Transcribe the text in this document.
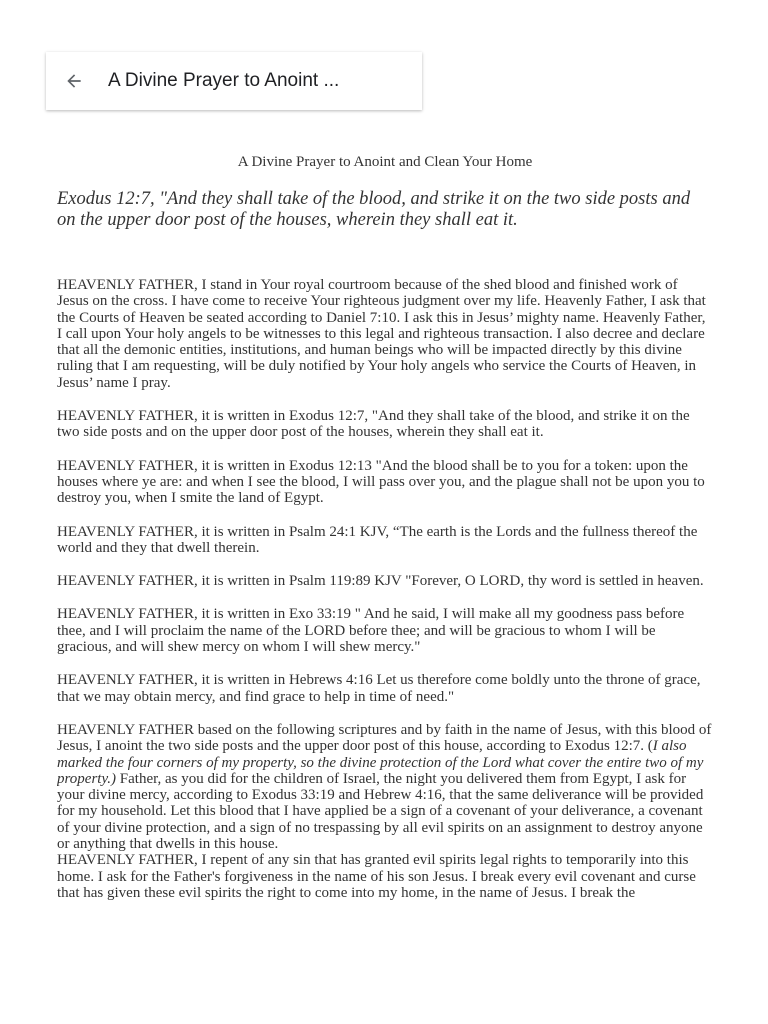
A Divine Prayer to Anoint ...
A Divine Prayer to Anoint and Clean Your Home
Exodus 12:7, "And they shall take of the blood, and strike it on the two side posts and on the upper door post of the houses, wherein they shall eat it.

HEAVENLY FATHER, I stand in Your royal courtroom because of the shed blood and finished work of Jesus on the cross. I have come to receive Your righteous judgment over my life. Heavenly Father, I ask that the Courts of Heaven be seated according to Daniel 7:10. I ask this in Jesus’ mighty name. Heavenly Father, I call upon Your holy angels to be witnesses to this legal and righteous transaction. I also decree and declare that all the demonic entities, institutions, and human beings who will be impacted directly by this divine ruling that I am requesting, will be duly notified by Your holy angels who service the Courts of Heaven, in Jesus’ name I pray.

HEAVENLY FATHER, it is written in Exodus 12:7, "And they shall take of the blood, and strike it on the two side posts and on the upper door post of the houses, wherein they shall eat it.

HEAVENLY FATHER, it is written in Exodus 12:13 "And the blood shall be to you for a token: upon the houses where ye are: and when I see the blood, I will pass over you, and the plague shall not be upon you to destroy you, when I smite the land of Egypt.

HEAVENLY FATHER, it is written in Psalm 24:1 KJV, “The earth is the Lords and the fullness thereof the world and they that dwell therein.

HEAVENLY FATHER, it is written in Psalm 119:89 KJV "Forever, O LORD, thy word is settled in heaven.

HEAVENLY FATHER, it is written in Exo 33:19 " And he said, I will make all my goodness pass before thee, and I will proclaim the name of the LORD before thee; and will be gracious to whom I will be gracious, and will shew mercy on whom I will shew mercy."

HEAVENLY FATHER, it is written in Hebrews 4:16 Let us therefore come boldly unto the throne of grace, that we may obtain mercy, and find grace to help in time of need."

HEAVENLY FATHER based on the following scriptures and by faith in the name of Jesus, with this blood of Jesus, I anoint the two side posts and the upper door post of this house, according to Exodus 12:7. (I also marked the four corners of my property, so the divine protection of the Lord what cover the entire two of my property.) Father, as you did for the children of Israel, the night you delivered them from Egypt, I ask for your divine mercy, according to Exodus 33:19 and Hebrew 4:16, that the same deliverance will be provided for my household. Let this blood that I have applied be a sign of a covenant of your deliverance, a covenant of your divine protection, and a sign of no trespassing by all evil spirits on an assignment to destroy anyone or anything that dwells in this house.

HEAVENLY FATHER, I repent of any sin that has granted evil spirits legal rights to temporarily into this home. I ask for the Father's forgiveness in the name of his son Jesus. I break every evil covenant and curse that has given these evil spirits the right to come into my home, in the name of Jesus. I break the
